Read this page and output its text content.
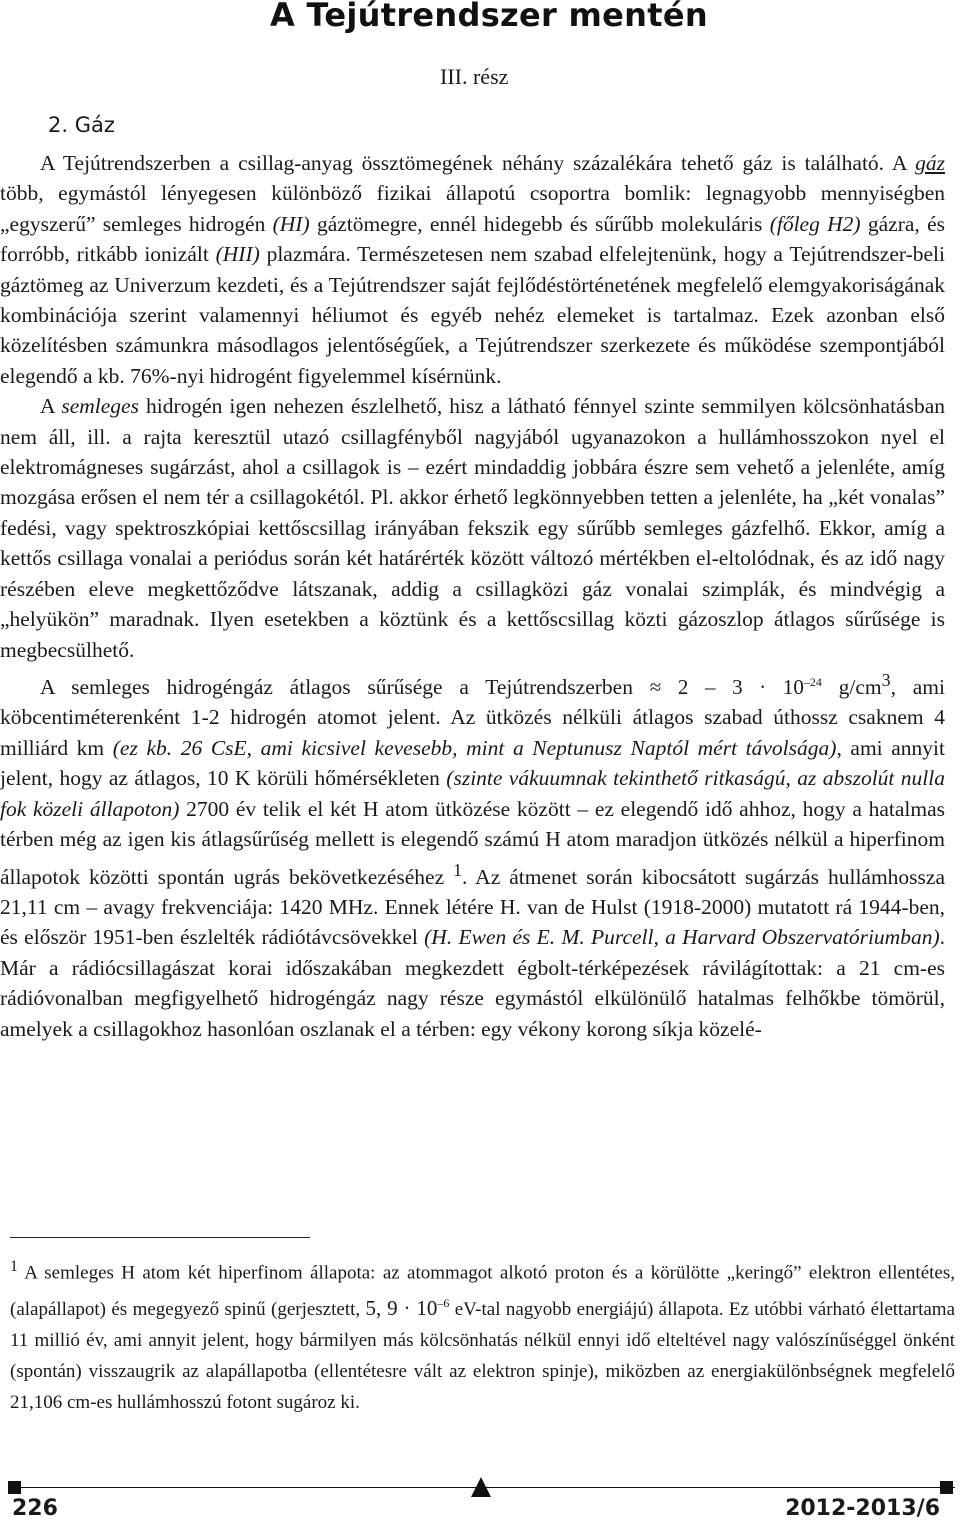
A Tejútrendszer mentén
III. rész
2. Gáz

A Tejútrendszerben a csillag-anyag össztömegének néhány százalékára tehető gáz is található. A gáz több, egymástól lényegesen különböző fizikai állapotú csoportra bomlik: legnagyobb mennyiségben „egyszerű” semleges hidrogén (HI) gáztömegre, ennél hidegebb és sűrűbb molekuláris (főleg H2) gázra, és forróbb, ritkább ionizált (HII) plazmára. Természetesen nem szabad elfelejtenünk, hogy a Tejútrendszer-beli gáztömeg az Univerzum kezdeti, és a Tejútrendszer saját fejlődéstörténetének megfelelő elemgyakoriságának kombinációja szerint valamennyi héliumot és egyéb nehéz elemeket is tartalmaz. Ezek azonban első közelítésben számunkra másodlagos jelentőségűek, a Tejútrendszer szerkezete és működése szempontjából elegendő a kb. 76%-nyi hidrogént figyelemmel kísérnünk.

A semleges hidrogén igen nehezen észlelhető, hisz a látható fénnyel szinte semmilyen kölcsönhatásban nem áll, ill. a rajta keresztül utazó csillagfényből nagyjából ugyanazokon a hullámhosszokon nyel el elektromágneses sugárzást, ahol a csillagok is – ezért mindaddig jobbára észre sem vehető a jelenléte, amíg mozgása erősen el nem tér a csillagokétól. Pl. akkor érhető legkönnyebben tetten a jelenléte, ha „két vonalas” fedési, vagy spektroszkópiai kettőscsillag irányában fekszik egy sűrűbb semleges gázfelhő. Ekkor, amíg a kettős csillaga vonalai a periódus során két határérték között változó mértékben el-eltolódnak, és az idő nagy részében eleve megkettőződve látszanak, addig a csillagközi gáz vonalai szimplák, és mindvégig a „helyükön” maradnak. Ilyen esetekben a köztünk és a kettőscsillag közti gázoszlop átlagos sűrűsége is megbecsülhető.

A semleges hidrogéngáz átlagos sűrűsége a Tejútrendszerben ≈ $2 - 3 \cdot 10^{-24}$ $g/cm^3$, ami köbcentiméterenként 1-2 hidrogén atomot jelent. Az ütközés nélküli átlagos szabad úthossz csaknem 4 milliárd km (ez kb. 26 CsE, ami kicsivel kevesebb, mint a Neptunusz Naptól mért távolsága), ami annyit jelent, hogy az átlagos, 10 K körüli hőmérsékleten (szinte vákuumnak tekinthető ritkaságú, az abszolút nulla fok közeli állapoton) 2700 év telik el két H atom ütközése között – ez elegendő idő ahhoz, hogy a hatalmas térben még az igen kis átlagsűrűség mellett is elegendő számú H atom maradjon ütközés nélkül a hiperfinom állapotok közötti spontán ugrás bekövetkezéséhez $^1$. Az átmenet során kibocsátott sugárzás hullámhossza 21,11 cm – avagy frekvenciája: 1420 MHz. Ennek létére H. van de Hulst (1918-2000) mutatott rá 1944-ben, és először 1951-ben észlelték rádiótávcsövekkel (H. Ewen és E. M. Purcell, a Harvard Obszervatóriumban). Már a rádiócsillagászat korai időszakában megkezdett égbolt-térképezések rávilágítottak: a 21 cm-es rádióvonalban megfigyelhető hidrogéngáz nagy része egymástól elkülönülő hatalmas felhőkbe tömörül, amelyek a csillagokhoz hasonlóan oszlanak el a térben: egy vékony korong síkja közelé-

$^1$ A semleges H atom két hiperfinom állapota: az atommagot alkotó proton és a körülötte „keringő” elektron ellentétes, (alapállapot) és megegyező spinű (gerjesztett, 5, $9 \cdot 10^{-6}$ eV-tal nagyobb energiájú) állapota. Ez utóbbi várható élettartama 11 millió év, ami annyit jelent, hogy bármilyen más kölcsönhatás nélkül ennyi idő elteltével nagy valószínűséggel önként (spontán) visszaugrik az alapállapotba (ellentétesre vált az elektron spinje), miközben az energiakülönbségnek megfelelő 21,106 cm-es hullámhosszú fotont sugároz ki.

226	2012-2013/6
